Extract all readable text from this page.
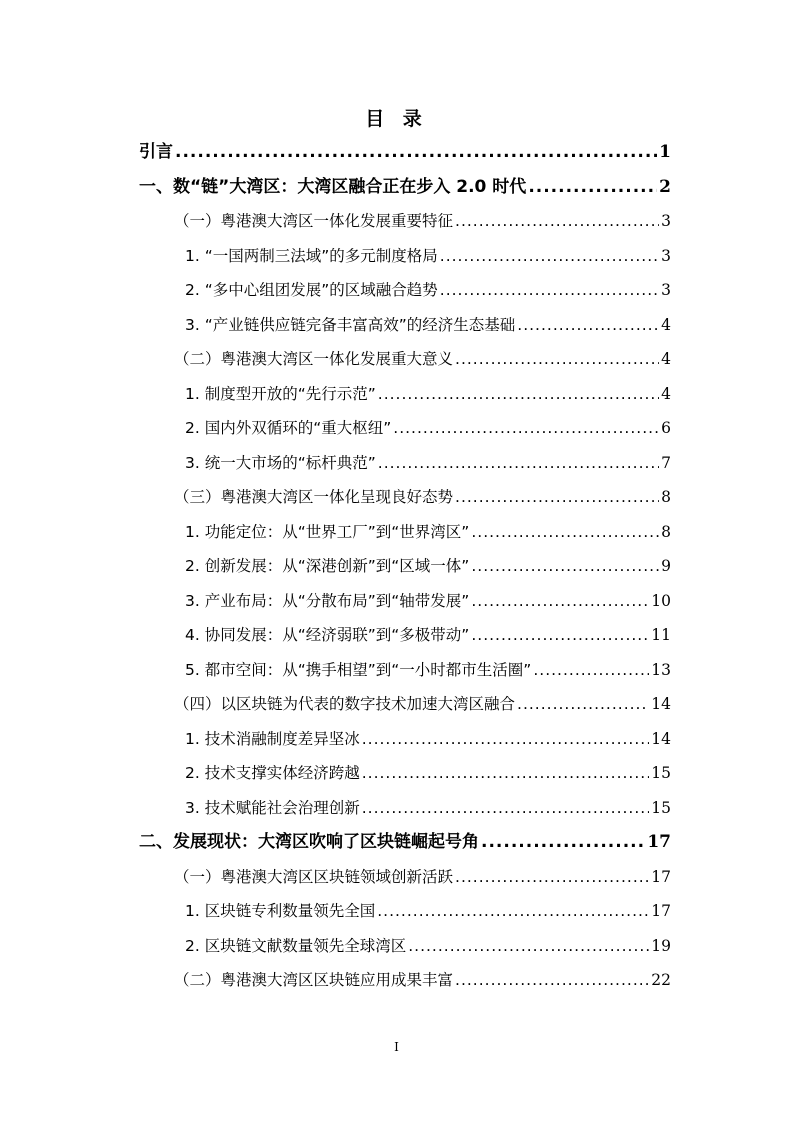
目 录
引言 .....	1
一、数“链”大湾区：大湾区融合正在步入 2.0 时代 .....	2
（一）粤港澳大湾区一体化发展重要特征 .....	3
1. “一国两制三法域”的多元制度格局 .....	3
2. “多中心组团发展”的区域融合趋势 .....	3
3. “产业链供应链完备丰富高效”的经济生态基础 .....	4
（二）粤港澳大湾区一体化发展重大意义 .....	4
1. 制度型开放的“先行示范” .....	4
2. 国内外双循环的“重大枢纽” .....	6
3. 统一大市场的“标杆典范” .....	7
（三）粤港澳大湾区一体化呈现良好态势 .....	8
1. 功能定位：从“世界工厂”到“世界湾区” .....	8
2. 创新发展：从“深港创新”到“区域一体” .....	9
3. 产业布局：从“分散布局”到“轴带发展” .....	10
4. 协同发展：从“经济弱联”到“多极带动” .....	11
5. 都市空间：从“携手相望”到“一小时都市生活圈” .....	13
（四）以区块链为代表的数字技术加速大湾区融合 .....	14
1. 技术消融制度差异坚冰 .....	14
2. 技术支撑实体经济跨越 .....	15
3. 技术赋能社会治理创新 .....	15
二、发展现状：大湾区吹响了区块链崛起号角 .....	17
（一）粤港澳大湾区区块链领域创新活跃 .....	17
1. 区块链专利数量领先全国 .....	17
2. 区块链文献数量领先全球湾区 .....	19
（二）粤港澳大湾区区块链应用成果丰富 .....	22
I
